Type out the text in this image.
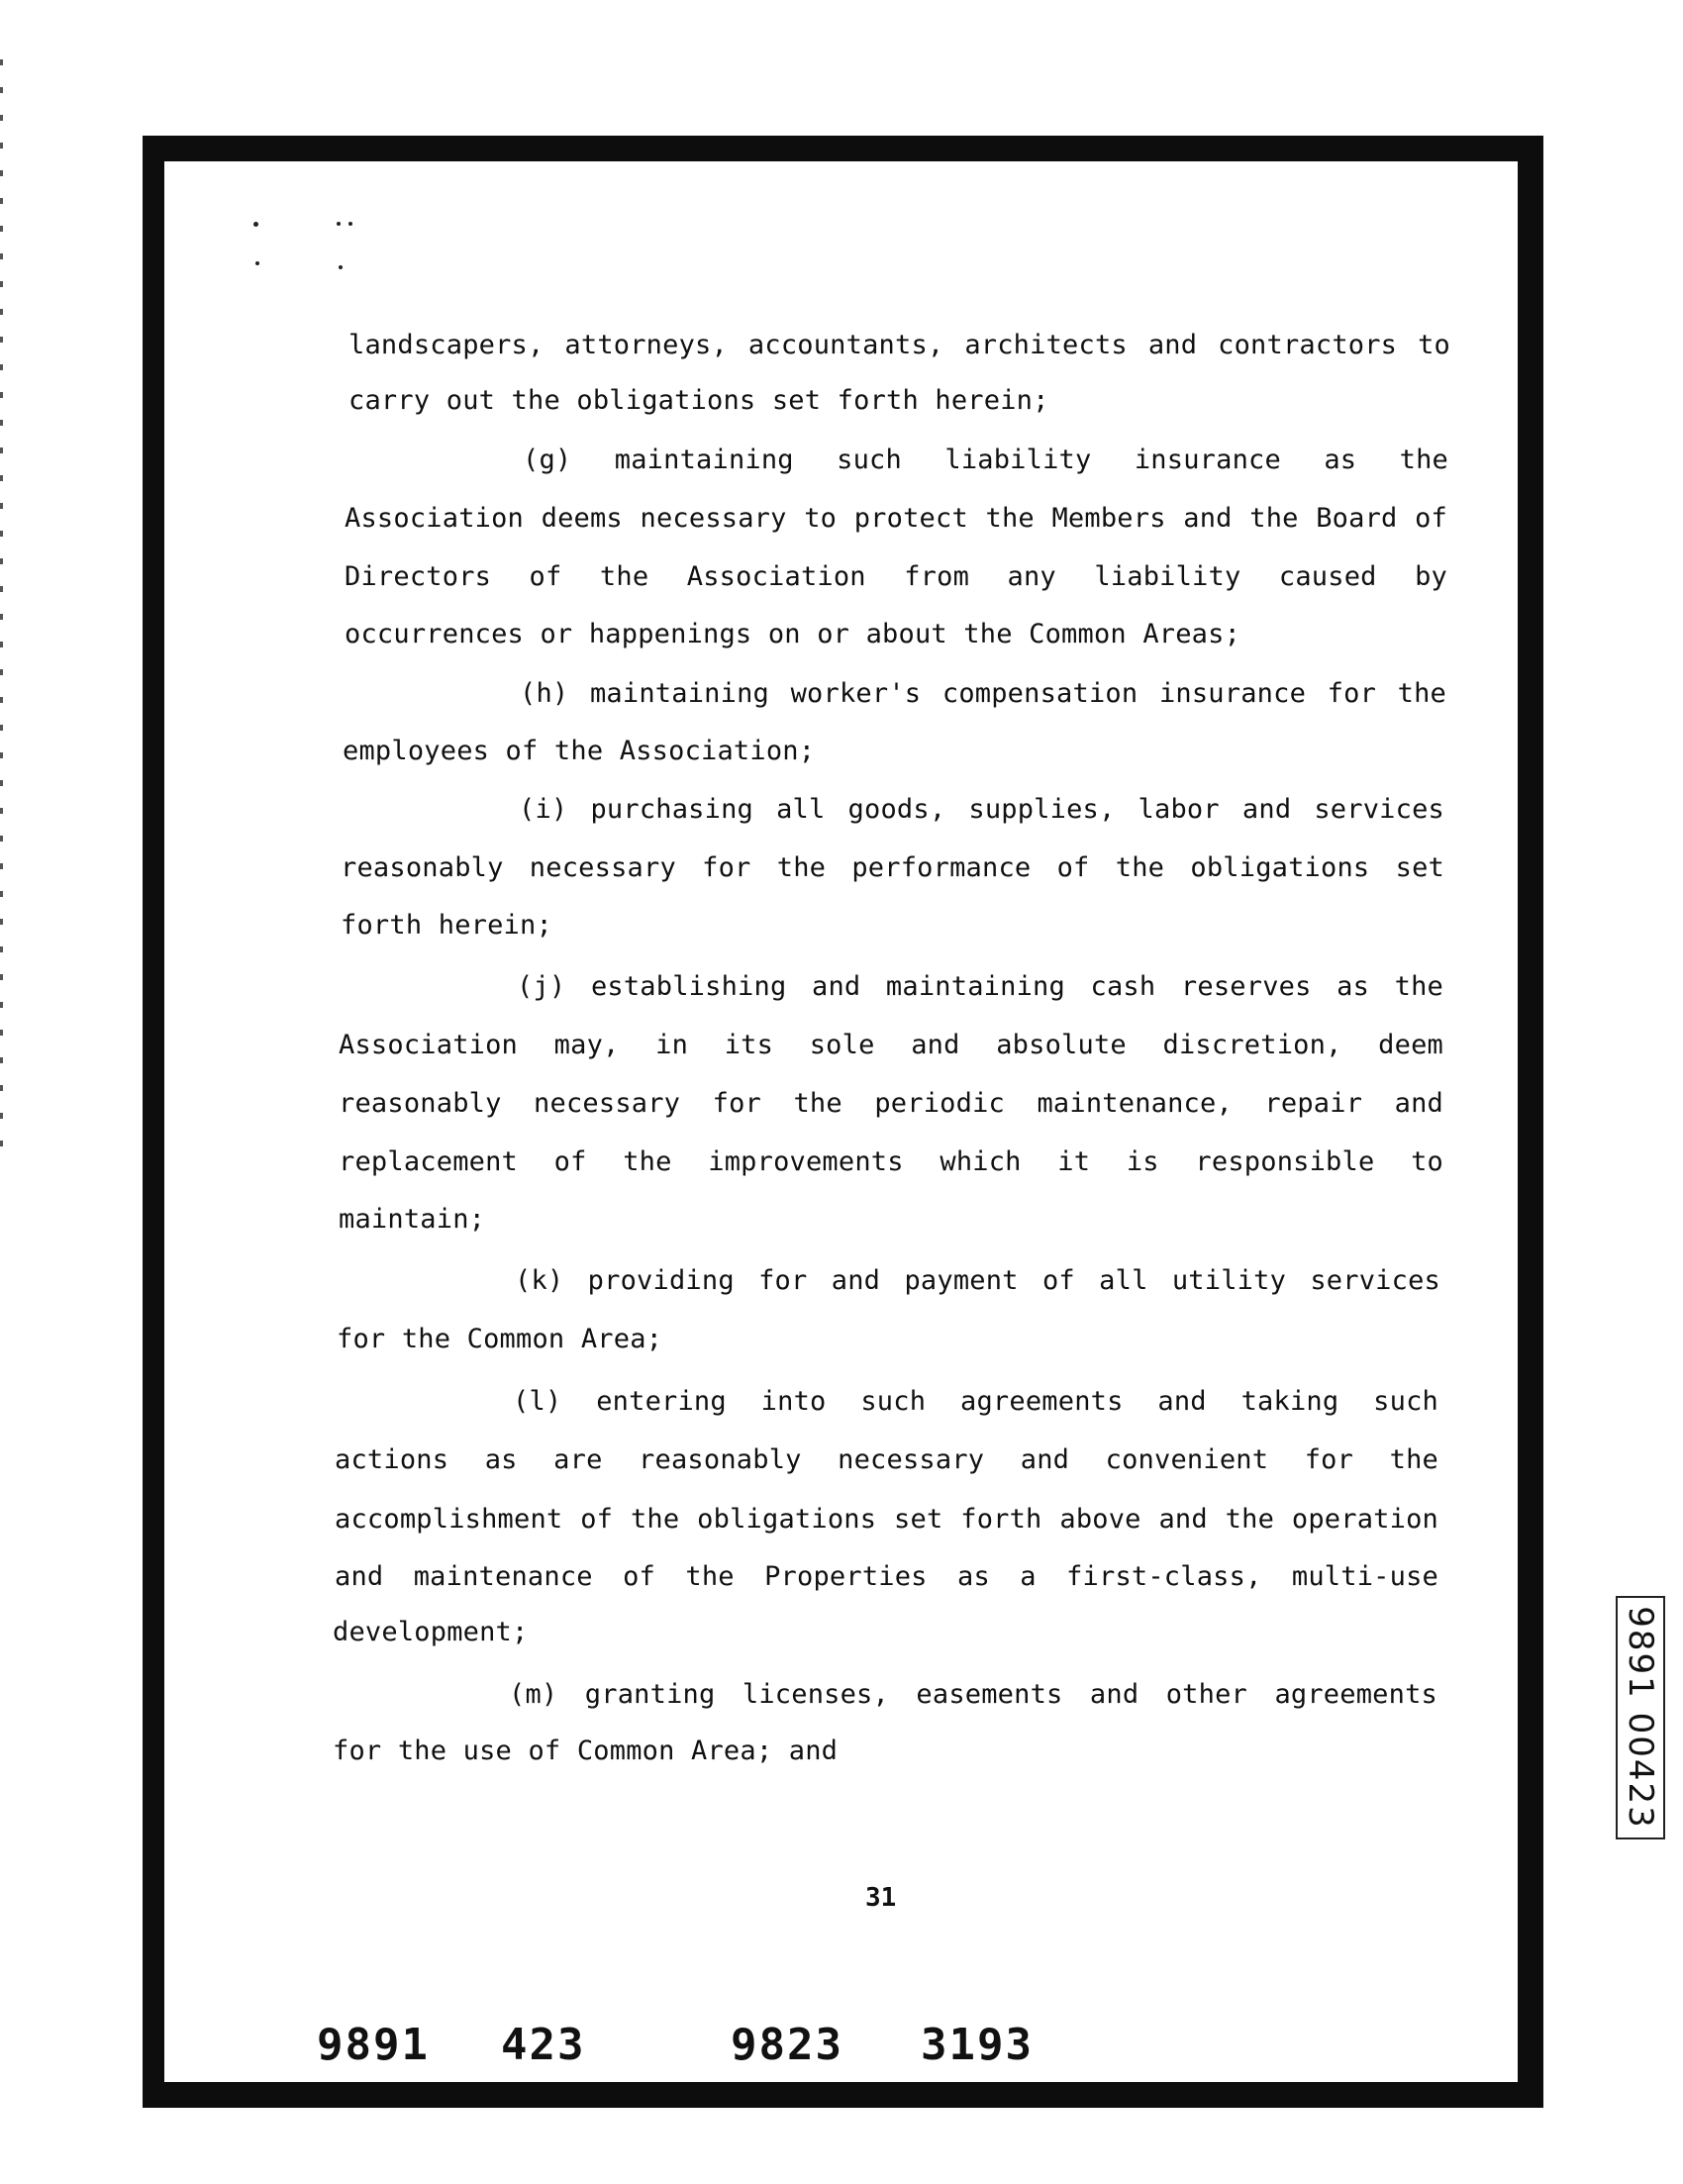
landscapers, attorneys, accountants, architects and contractors to
carry out the obligations set forth herein;
(g) maintaining such liability insurance as the
Association deems necessary to protect the Members and the Board of
Directors of the Association from any liability caused by
occurrences or happenings on or about the Common Areas;
(h) maintaining worker's compensation insurance for the
employees of the Association;
(i) purchasing all goods, supplies, labor and services
reasonably necessary for the performance of the obligations set
forth herein;
(j) establishing and maintaining cash reserves as the
Association may, in its sole and absolute discretion, deem
reasonably necessary for the periodic maintenance, repair and
replacement of the improvements which it is responsible to
maintain;
(k) providing for and payment of all utility services
for the Common Area;
(l) entering into such agreements and taking such
actions as are reasonably necessary and convenient for the
accomplishment of the obligations set forth above and the operation
and maintenance of the Properties as a first-class, multi-use
development;
(m) granting licenses, easements and other agreements
for the use of Common Area; and
31
9891 423	9823 3193
9891 00423
